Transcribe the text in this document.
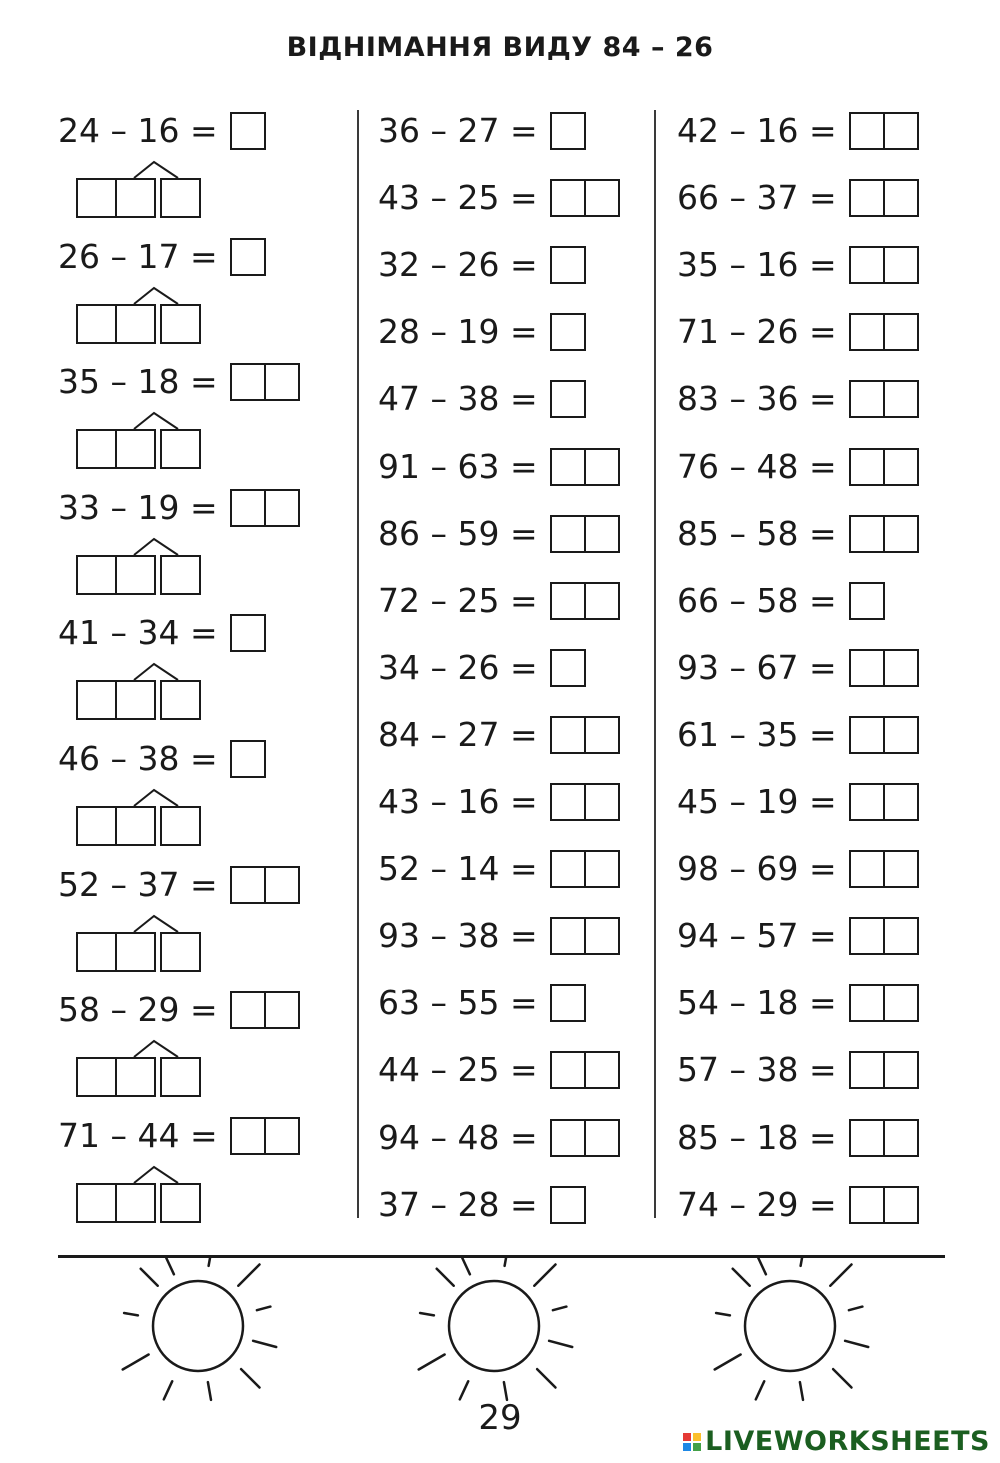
ВІДНІМАННЯ ВИДУ 84 – 26
24 – 16 =
26 – 17 =
35 – 18 =
33 – 19 =
41 – 34 =
46 – 38 =
52 – 37 =
58 – 29 =
71 – 44 =
36 – 27 =
43 – 25 =
32 – 26 =
28 – 19 =
47 – 38 =
91 – 63 =
86 – 59 =
72 – 25 =
34 – 26 =
84 – 27 =
43 – 16 =
52 – 14 =
93 – 38 =
63 – 55 =
44 – 25 =
94 – 48 =
37 – 28 =
42 – 16 =
66 – 37 =
35 – 16 =
71 – 26 =
83 – 36 =
76 – 48 =
85 – 58 =
66 – 58 =
93 – 67 =
61 – 35 =
45 – 19 =
98 – 69 =
94 – 57 =
54 – 18 =
57 – 38 =
85 – 18 =
74 – 29 =
29
LIVEWORKSHEETS
